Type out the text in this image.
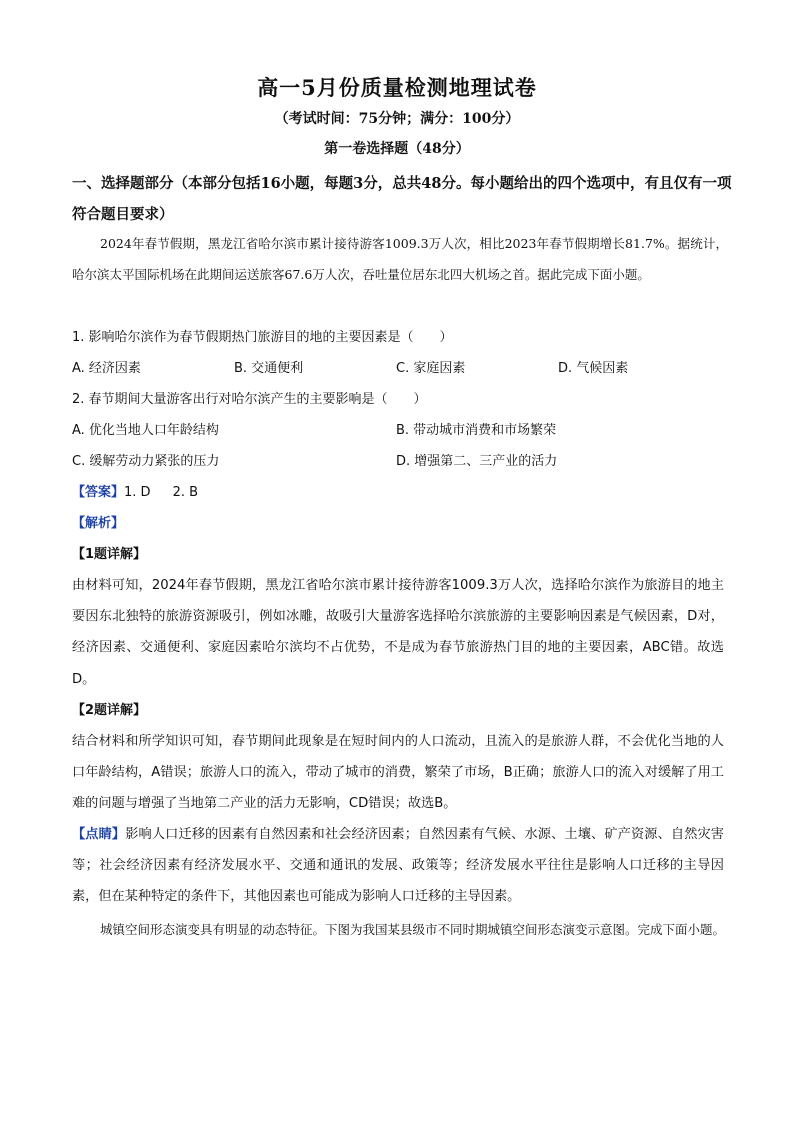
高一5月份质量检测地理试卷
（考试时间：75分钟；满分：100分）
第一卷选择题（48分）
一、选择题部分（本部分包括16小题，每题3分，总共48分。每小题给出的四个选项中，有且仅有一项符合题目要求）
2024年春节假期，黑龙江省哈尔滨市累计接待游客1009.3万人次，相比2023年春节假期增长81.7%。据统计，哈尔滨太平国际机场在此期间运送旅客67.6万人次，吞吐量位居东北四大机场之首。据此完成下面小题。
1. 影响哈尔滨作为春节假期热门旅游目的地的主要因素是（　　）
A. 经济因素	B. 交通便利	C. 家庭因素	D. 气候因素
2. 春节期间大量游客出行对哈尔滨产生的主要影响是（　　）
A. 优化当地人口年龄结构	B. 带动城市消费和市场繁荣
C. 缓解劳动力紧张的压力	D. 增强第二、三产业的活力
【答案】1. D 2. B
【解析】
【1题详解】
由材料可知，2024年春节假期，黑龙江省哈尔滨市累计接待游客1009.3万人次，选择哈尔滨作为旅游目的地主要因东北独特的旅游资源吸引，例如冰雕，故吸引大量游客选择哈尔滨旅游的主要影响因素是气候因素，D对，经济因素、交通便利、家庭因素哈尔滨均不占优势，不是成为春节旅游热门目的地的主要因素，ABC错。故选D。
【2题详解】
结合材料和所学知识可知，春节期间此现象是在短时间内的人口流动，且流入的是旅游人群，不会优化当地的人口年龄结构，A错误；旅游人口的流入，带动了城市的消费，繁荣了市场，B正确；旅游人口的流入对缓解了用工难的问题与增强了当地第二产业的活力无影响，CD错误；故选B。
【点睛】影响人口迁移的因素有自然因素和社会经济因素；自然因素有气候、水源、土壤、矿产资源、自然灾害等；社会经济因素有经济发展水平、交通和通讯的发展、政策等；经济发展水平往往是影响人口迁移的主导因素，但在某种特定的条件下，其他因素也可能成为影响人口迁移的主导因素。
城镇空间形态演变具有明显的动态特征。下图为我国某县级市不同时期城镇空间形态演变示意图。完成下面小题。
